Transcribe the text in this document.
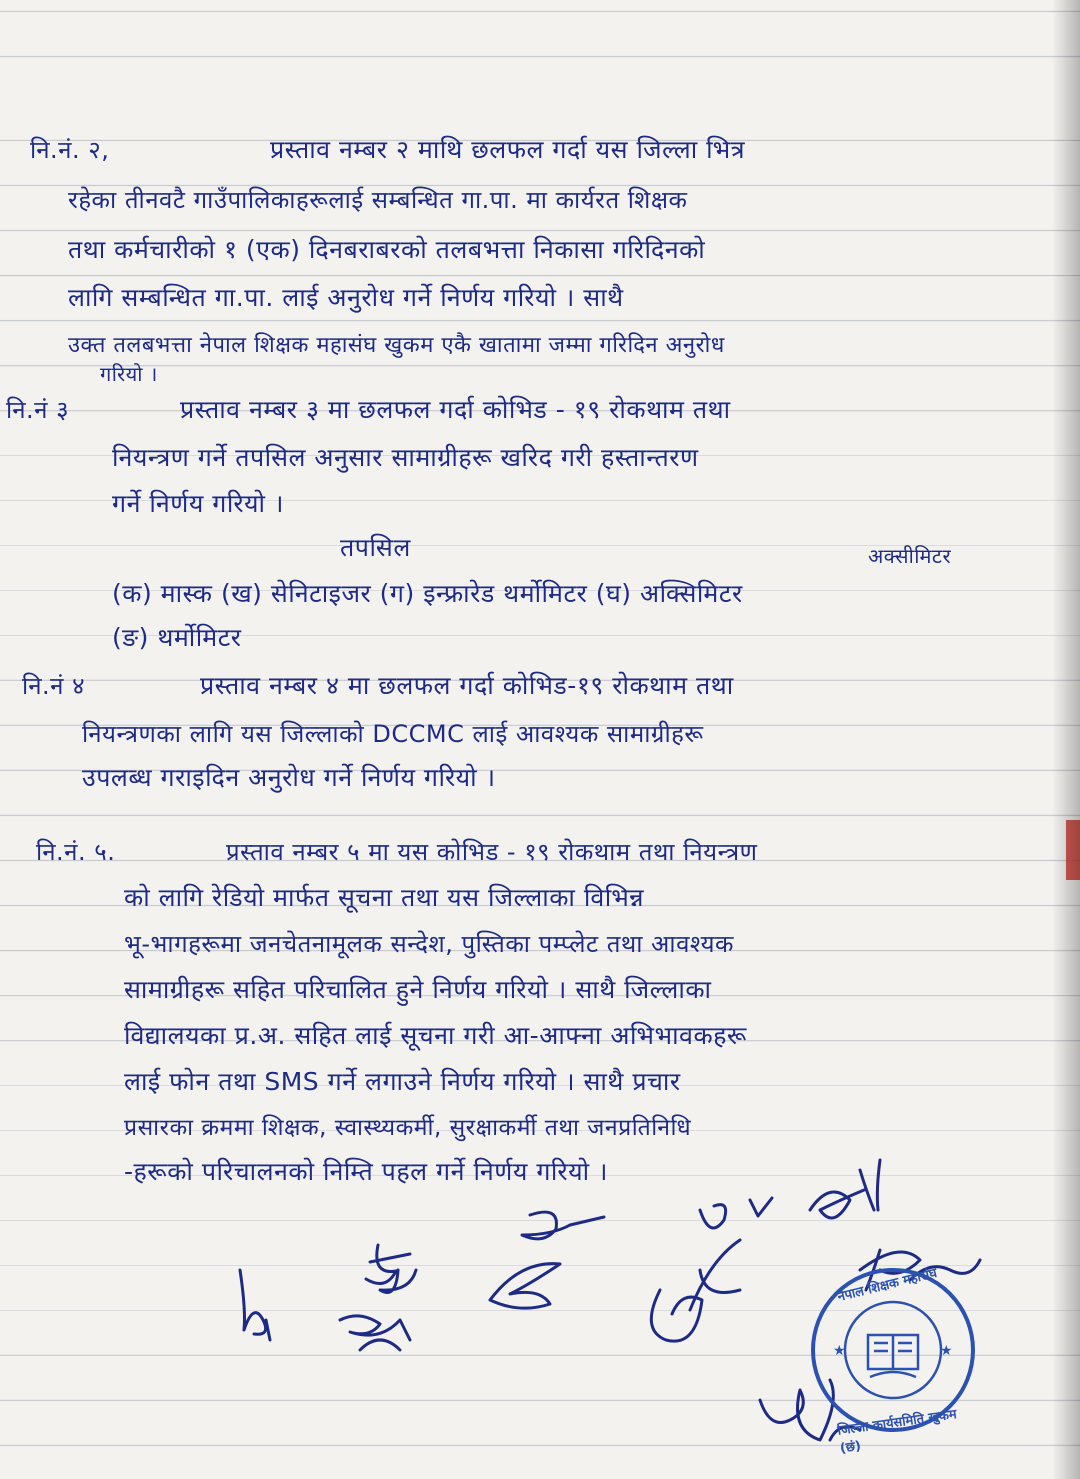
नि.नं. २,	प्रस्ताव नम्बर २ माथि छलफल गर्दा यस जिल्ला भित्र
रहेका तीनवटै गाउँपालिकाहरूलाई सम्बन्धित गा.पा. मा कार्यरत शिक्षक
तथा कर्मचारीको १ (एक) दिनबराबरको तलबभत्ता निकासा गरिदिनको
लागि सम्बन्धित गा.पा. लाई अनुरोध गर्ने निर्णय गरियो । साथै
उक्त तलबभत्ता नेपाल शिक्षक महासंघ खुकम एकै खातामा जम्मा गरिदिन अनुरोध
गरियो ।
नि.नं ३	प्रस्ताव नम्बर ३ मा छलफल गर्दा कोभिड - १९ रोकथाम तथा
नियन्त्रण गर्ने तपसिल अनुसार सामाग्रीहरू खरिद गरी हस्तान्तरण
गर्ने निर्णय गरियो ।
तपसिल	अक्सीमिटर
(क) मास्क (ख) सेनिटाइजर (ग) इन्फ्रारेड थर्मोमिटर (घ) अक्सिमिटर
(ङ) थर्मोमिटर
नि.नं ४	प्रस्ताव नम्बर ४ मा छलफल गर्दा कोभिड-१९ रोकथाम तथा
नियन्त्रणका लागि यस जिल्लाको DCCMC लाई आवश्यक सामाग्रीहरू
उपलब्ध गराइदिन अनुरोध गर्ने निर्णय गरियो ।
नि.नं. ५.	प्रस्ताव नम्बर ५ मा यस कोभिड - १९ रोकथाम तथा नियन्त्रण
को लागि रेडियो मार्फत सूचना तथा यस जिल्लाका विभिन्न
भू-भागहरूमा जनचेतनामूलक सन्देश, पुस्तिका पम्प्लेट तथा आवश्यक
सामाग्रीहरू सहित परिचालित हुने निर्णय गरियो । साथै जिल्लाका
विद्यालयका प्र.अ. सहित लाई सूचना गरी आ-आफ्ना अभिभावकहरू
लाई फोन तथा SMS गर्ने लगाउने निर्णय गरियो । साथै प्रचार
प्रसारका क्रममा शिक्षक, स्वास्थ्यकर्मी, सुरक्षाकर्मी तथा जनप्रतिनिधि
-हरूको परिचालनको निम्ति पहल गर्ने निर्णय गरियो ।
★	★
नेपाल शिक्षक महासंघ
जिल्ला कार्यसमिति खुकम (छं)
